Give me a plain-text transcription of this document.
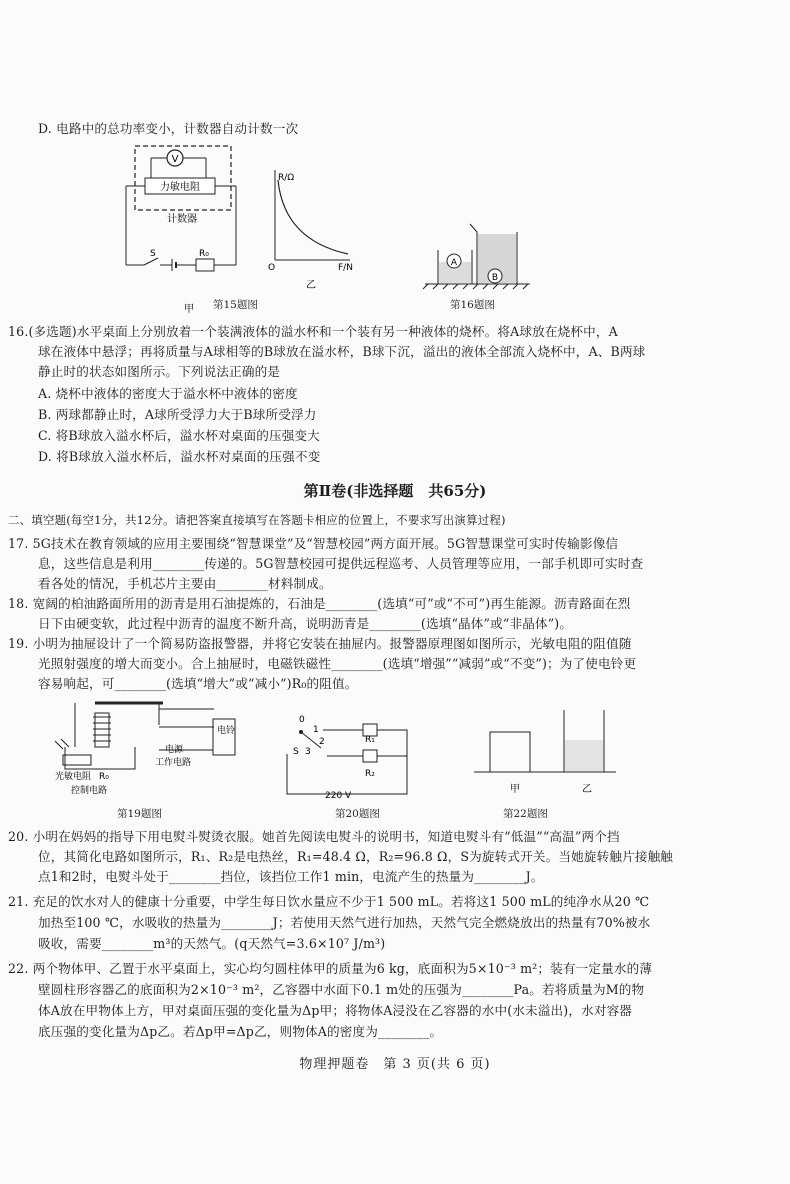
D. 电路中的总功率变小，计数器自动计数一次
V
力敏电阻
计数器
S	R₀
甲
R/Ω
F/N
O
乙
第15题图
A
B
第16题图
16.(多选题)水平桌面上分别放着一个装满液体的溢水杯和一个装有另一种液体的烧杯。将A球放在烧杯中，A
球在液体中悬浮；再将质量与A球相等的B球放在溢水杯，B球下沉，溢出的液体全部流入烧杯中，A、B两球
静止时的状态如图所示。下列说法正确的是
A. 烧杯中液体的密度大于溢水杯中液体的密度
B. 两球都静止时，A球所受浮力大于B球所受浮力
C. 将B球放入溢水杯后，溢水杯对桌面的压强变大
D. 将B球放入溢水杯后，溢水杯对桌面的压强不变
第Ⅱ卷(非选择题　共65分)
二、填空题(每空1分，共12分。请把答案直接填写在答题卡相应的位置上，不要求写出演算过程)
17. 5G技术在教育领域的应用主要围绕“智慧课堂”及“智慧校园”两方面开展。5G智慧课堂可实时传输影像信
息，这些信息是利用________传递的。5G智慧校园可提供远程巡考、人员管理等应用，一部手机即可实时查
看各处的情况，手机芯片主要由________材料制成。
18. 宽阔的柏油路面所用的沥青是用石油提炼的，石油是________(选填“可”或“不可”)再生能源。沥青路面在烈
日下由硬变软，此过程中沥青的温度不断升高，说明沥青是________(选填“晶体”或“非晶体”)。
19. 小明为抽屉设计了一个简易防盗报警器，并将它安装在抽屉内。报警器原理图如图所示，光敏电阻的阻值随
光照射强度的增大而变小。合上抽屉时，电磁铁磁性________(选填“增强”“减弱”或“不变”)；为了使电铃更
容易响起，可________(选填“增大”或“减小”)R₀的阻值。
电铃
电源
工作电路
光敏电阻 R₀
控制电路
第19题图
0
1
2
3
S
R₁
R₂
220 V
第20题图
甲	乙
第22题图
20. 小明在妈妈的指导下用电熨斗熨烫衣服。她首先阅读电熨斗的说明书，知道电熨斗有“低温”“高温”两个挡
位，其简化电路如图所示，R₁、R₂是电热丝，R₁=48.4 Ω，R₂=96.8 Ω，S为旋转式开关。当她旋转触片接触触
点1和2时，电熨斗处于________挡位，该挡位工作1 min，电流产生的热量为________J。
21. 充足的饮水对人的健康十分重要，中学生每日饮水量应不少于1 500 mL。若将这1 500 mL的纯净水从20 ℃
加热至100 ℃，水吸收的热量为________J；若使用天然气进行加热，天然气完全燃烧放出的热量有70%被水
吸收，需要________m³的天然气。(q天然气=3.6×10⁷ J/m³)
22. 两个物体甲、乙置于水平桌面上，实心均匀圆柱体甲的质量为6 kg，底面积为5×10⁻³ m²；装有一定量水的薄
壁圆柱形容器乙的底面积为2×10⁻³ m²，乙容器中水面下0.1 m处的压强为________Pa。若将质量为M的物
体A放在甲物体上方，甲对桌面压强的变化量为Δp甲；将物体A浸没在乙容器的水中(水未溢出)，水对容器
底压强的变化量为Δp乙。若Δp甲=Δp乙，则物体A的密度为________。
物理押题卷　第 3 页(共 6 页)
